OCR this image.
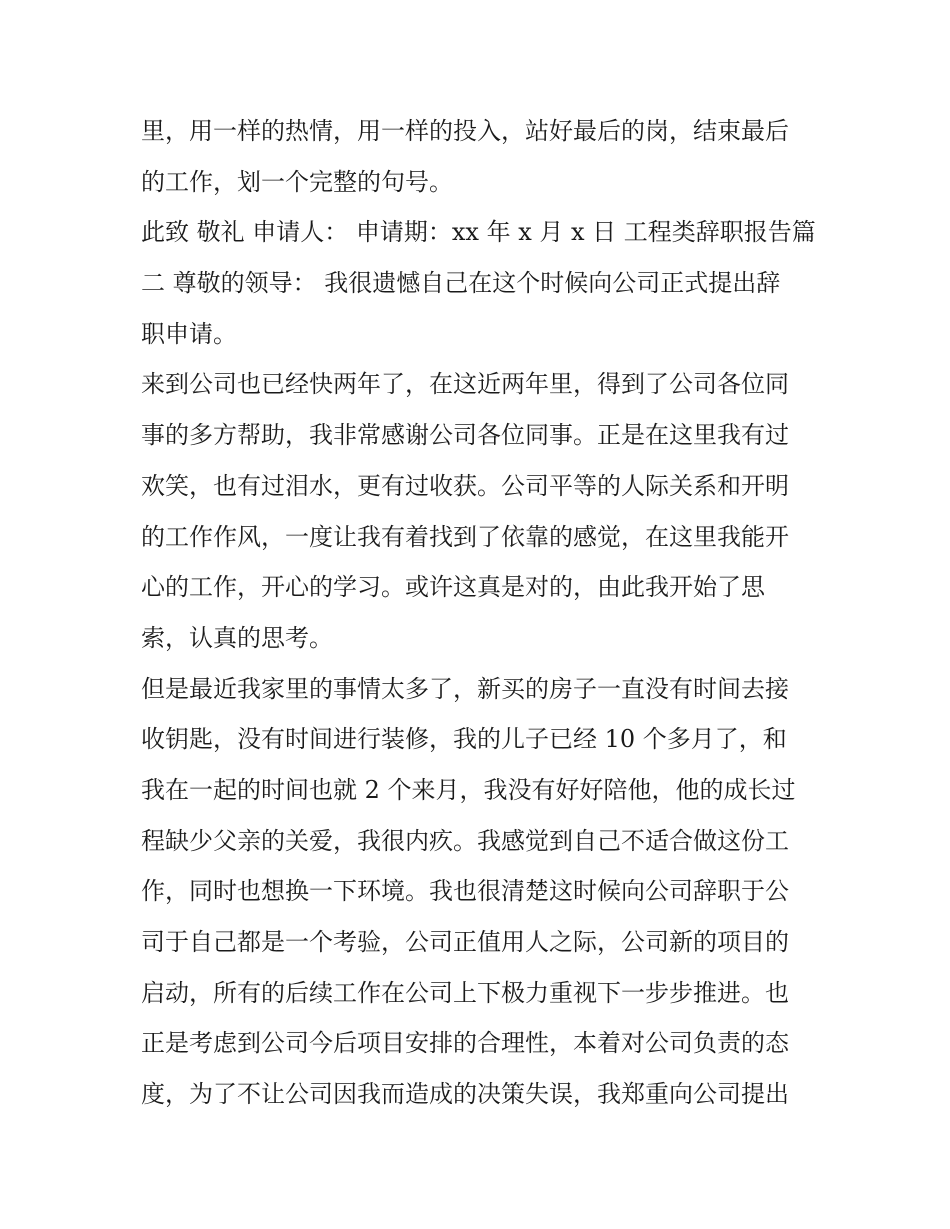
里，用一样的热情，用一样的投入，站好最后的岗，结束最后
的工作，划一个完整的句号。
此致 敬礼 申请人： 申请期：xx 年 x 月 x 日 工程类辞职报告篇
二 尊敬的领导： 我很遗憾自己在这个时候向公司正式提出辞
职申请。
来到公司也已经快两年了，在这近两年里，得到了公司各位同
事的多方帮助，我非常感谢公司各位同事。正是在这里我有过
欢笑，也有过泪水，更有过收获。公司平等的人际关系和开明
的工作作风，一度让我有着找到了依靠的感觉，在这里我能开
心的工作，开心的学习。或许这真是对的，由此我开始了思
索，认真的思考。
但是最近我家里的事情太多了，新买的房子一直没有时间去接
收钥匙，没有时间进行装修，我的儿子已经 10 个多月了，和
我在一起的时间也就 2 个来月，我没有好好陪他，他的成长过
程缺少父亲的关爱，我很内疚。我感觉到自己不适合做这份工
作，同时也想换一下环境。我也很清楚这时候向公司辞职于公
司于自己都是一个考验，公司正值用人之际，公司新的项目的
启动，所有的后续工作在公司上下极力重视下一步步推进。也
正是考虑到公司今后项目安排的合理性，本着对公司负责的态
度，为了不让公司因我而造成的决策失误，我郑重向公司提出
